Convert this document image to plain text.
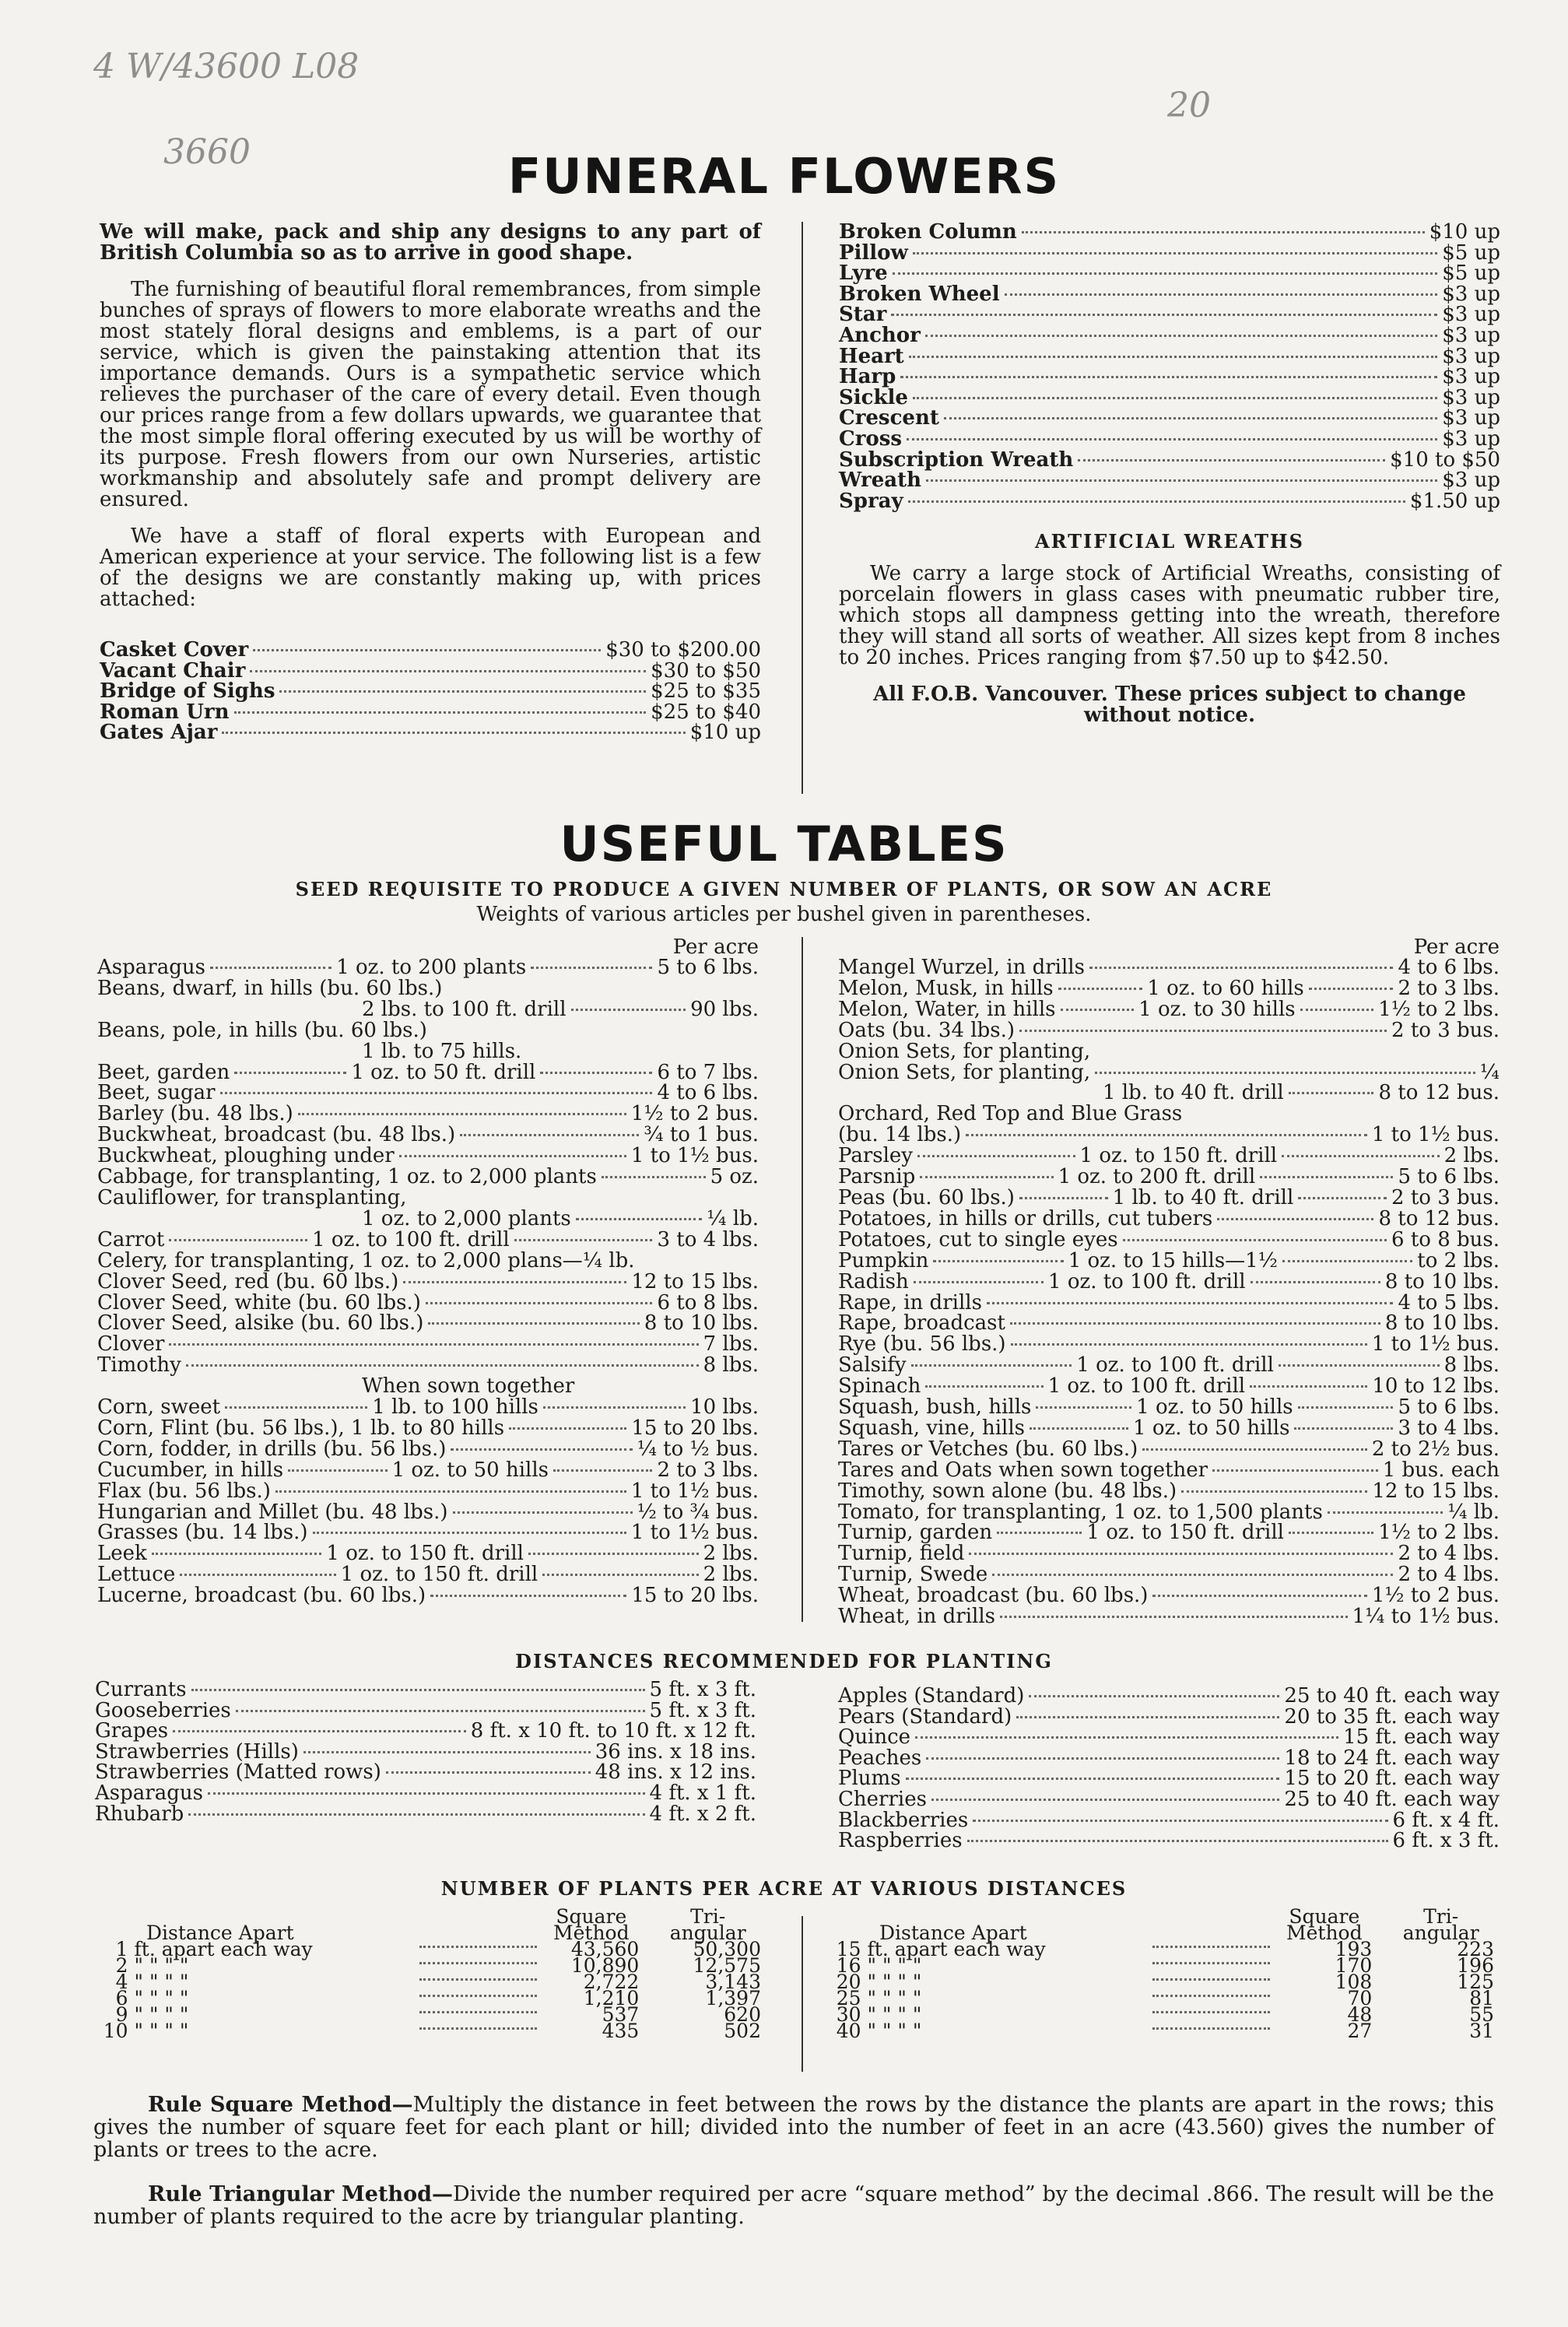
4 W/43600 L08
3660
20
FUNERAL FLOWERS

We will make, pack and ship any designs to any part of British Columbia so as to arrive in good shape.

The furnishing of beautiful floral remembrances, from simple bunches of sprays of flowers to more elaborate wreaths and the most stately floral designs and emblems, is a part of our service, which is given the painstaking attention that its importance demands. Ours is a sympathetic service which relieves the purchaser of the care of every detail. Even though our prices range from a few dollars upwards, we guarantee that the most simple floral offering executed by us will be worthy of its purpose. Fresh flowers from our own Nurseries, artistic workmanship and absolutely safe and prompt delivery are ensured.

We have a staff of floral experts with European and American experience at your service. The following list is a few of the designs we are constantly making up, with prices attached:

Casket Cover	$30 to $200.00
Vacant Chair	$30 to $50
Bridge of Sighs	$25 to $35
Roman Urn	$25 to $40
Gates Ajar	$10 up
Broken Column	$10 up
Pillow	$5 up
Lyre	$5 up
Broken Wheel	$3 up
Star	$3 up
Anchor	$3 up
Heart	$3 up
Harp	$3 up
Sickle	$3 up
Crescent	$3 up
Cross	$3 up
Subscription Wreath	$10 to $50
Wreath	$3 up
Spray	$1.50 up
ARTIFICIAL WREATHS

We carry a large stock of Artificial Wreaths, consisting of porcelain flowers in glass cases with pneumatic rubber tire, which stops all dampness getting into the wreath, therefore they will stand all sorts of weather. All sizes kept from 8 inches to 20 inches. Prices ranging from $7.50 up to $42.50.

All F.O.B. Vancouver. These prices subject to change without notice.

USEFUL TABLES
SEED REQUISITE TO PRODUCE A GIVEN NUMBER OF PLANTS, OR SOW AN ACRE
Weights of various articles per bushel given in parentheses.
Per acre
Asparagus	1 oz. to 200 plants	5 to 6 lbs.
Beans, dwarf, in hills (bu. 60 lbs.)
2 lbs. to 100 ft. drill	90 lbs.
Beans, pole, in hills (bu. 60 lbs.)
1 lb. to 75 hills.
Beet, garden	1 oz. to 50 ft. drill	6 to 7 lbs.
Beet, sugar	4 to 6 lbs.
Barley (bu. 48 lbs.)	1½ to 2 bus.
Buckwheat, broadcast (bu. 48 lbs.)	¾ to 1 bus.
Buckwheat, ploughing under	1 to 1½ bus.
Cabbage, for transplanting, 1 oz. to 2,000 plants	5 oz.
Cauliflower, for transplanting,
1 oz. to 2,000 plants	¼ lb.
Carrot	1 oz. to 100 ft. drill	3 to 4 lbs.
Celery, for transplanting, 1 oz. to 2,000 plans—¼ lb.
Clover Seed, red (bu. 60 lbs.)	12 to 15 lbs.
Clover Seed, white (bu. 60 lbs.)	6 to 8 lbs.
Clover Seed, alsike (bu. 60 lbs.)	8 to 10 lbs.
Clover	7 lbs.
Timothy	8 lbs.
When sown together
Corn, sweet	1 lb. to 100 hills	10 lbs.
Corn, Flint (bu. 56 lbs.), 1 lb. to 80 hills	15 to 20 lbs.
Corn, fodder, in drills (bu. 56 lbs.)	¼ to ½ bus.
Cucumber, in hills	1 oz. to 50 hills	2 to 3 lbs.
Flax (bu. 56 lbs.)	1 to 1½ bus.
Hungarian and Millet (bu. 48 lbs.)	½ to ¾ bus.
Grasses (bu. 14 lbs.)	1 to 1½ bus.
Leek	1 oz. to 150 ft. drill	2 lbs.
Lettuce	1 oz. to 150 ft. drill	2 lbs.
Lucerne, broadcast (bu. 60 lbs.)	15 to 20 lbs.
Per acre
Mangel Wurzel, in drills	4 to 6 lbs.
Melon, Musk, in hills	1 oz. to 60 hills	2 to 3 lbs.
Melon, Water, in hills	1 oz. to 30 hills	1½ to 2 lbs.
Oats (bu. 34 lbs.)	2 to 3 bus.
Onion Sets, for planting,
Onion Sets, for planting,	¼
1 lb. to 40 ft. drill	8 to 12 bus.
Orchard, Red Top and Blue Grass
(bu. 14 lbs.)	1 to 1½ bus.
Parsley	1 oz. to 150 ft. drill	2 lbs.
Parsnip	1 oz. to 200 ft. drill	5 to 6 lbs.
Peas (bu. 60 lbs.)	1 lb. to 40 ft. drill	2 to 3 bus.
Potatoes, in hills or drills, cut tubers	8 to 12 bus.
Potatoes, cut to single eyes	6 to 8 bus.
Pumpkin	1 oz. to 15 hills—1½	to 2 lbs.
Radish	1 oz. to 100 ft. drill	8 to 10 lbs.
Rape, in drills	4 to 5 lbs.
Rape, broadcast	8 to 10 lbs.
Rye (bu. 56 lbs.)	1 to 1½ bus.
Salsify	1 oz. to 100 ft. drill	8 lbs.
Spinach	1 oz. to 100 ft. drill	10 to 12 lbs.
Squash, bush, hills	1 oz. to 50 hills	5 to 6 lbs.
Squash, vine, hills	1 oz. to 50 hills	3 to 4 lbs.
Tares or Vetches (bu. 60 lbs.)	2 to 2½ bus.
Tares and Oats when sown together	1 bus. each
Timothy, sown alone (bu. 48 lbs.)	12 to 15 lbs.
Tomato, for transplanting, 1 oz. to 1,500 plants	¼ lb.
Turnip, garden	1 oz. to 150 ft. drill	1½ to 2 lbs.
Turnip, field	2 to 4 lbs.
Turnip, Swede	2 to 4 lbs.
Wheat, broadcast (bu. 60 lbs.)	1½ to 2 bus.
Wheat, in drills	1¼ to 1½ bus.
DISTANCES RECOMMENDED FOR PLANTING
Currants	5 ft. x 3 ft.
Gooseberries	5 ft. x 3 ft.
Grapes	8 ft. x 10 ft. to 10 ft. x 12 ft.
Strawberries (Hills)	36 ins. x 18 ins.
Strawberries (Matted rows)	48 ins. x 12 ins.
Asparagus	4 ft. x 1 ft.
Rhubarb	4 ft. x 2 ft.
Apples (Standard)	25 to 40 ft. each way
Pears (Standard)	20 to 35 ft. each way
Quince	15 ft. each way
Peaches	18 to 24 ft. each way
Plums	15 to 20 ft. each way
Cherries	25 to 40 ft. each way
Blackberries	6 ft. x 4 ft.
Raspberries	6 ft. x 3 ft.
NUMBER OF PLANTS PER ACRE AT VARIOUS DISTANCES
Distance Apart			Square Method	Tri-angular
1	ft. apart each way		43,560	50,300
2	" " " "		10,890	12,575
4	" " " "		2,722	3,143
6	" " " "		1,210	1,397
9	" " " "		537	620
10	" " " "		435	502
Distance Apart			Square Method	Tri-angular
15	ft. apart each way		193	223
16	" " " "		170	196
20	" " " "		108	125
25	" " " "		70	81
30	" " " "		48	55
40	" " " "		27	31
Rule Square Method—Multiply the distance in feet between the rows by the distance the plants are apart in the rows; this gives the number of square feet for each plant or hill; divided into the number of feet in an acre (43.560) gives the number of plants or trees to the acre.
Rule Triangular Method—Divide the number required per acre “square method” by the decimal .866. The result will be the number of plants required to the acre by triangular planting.
